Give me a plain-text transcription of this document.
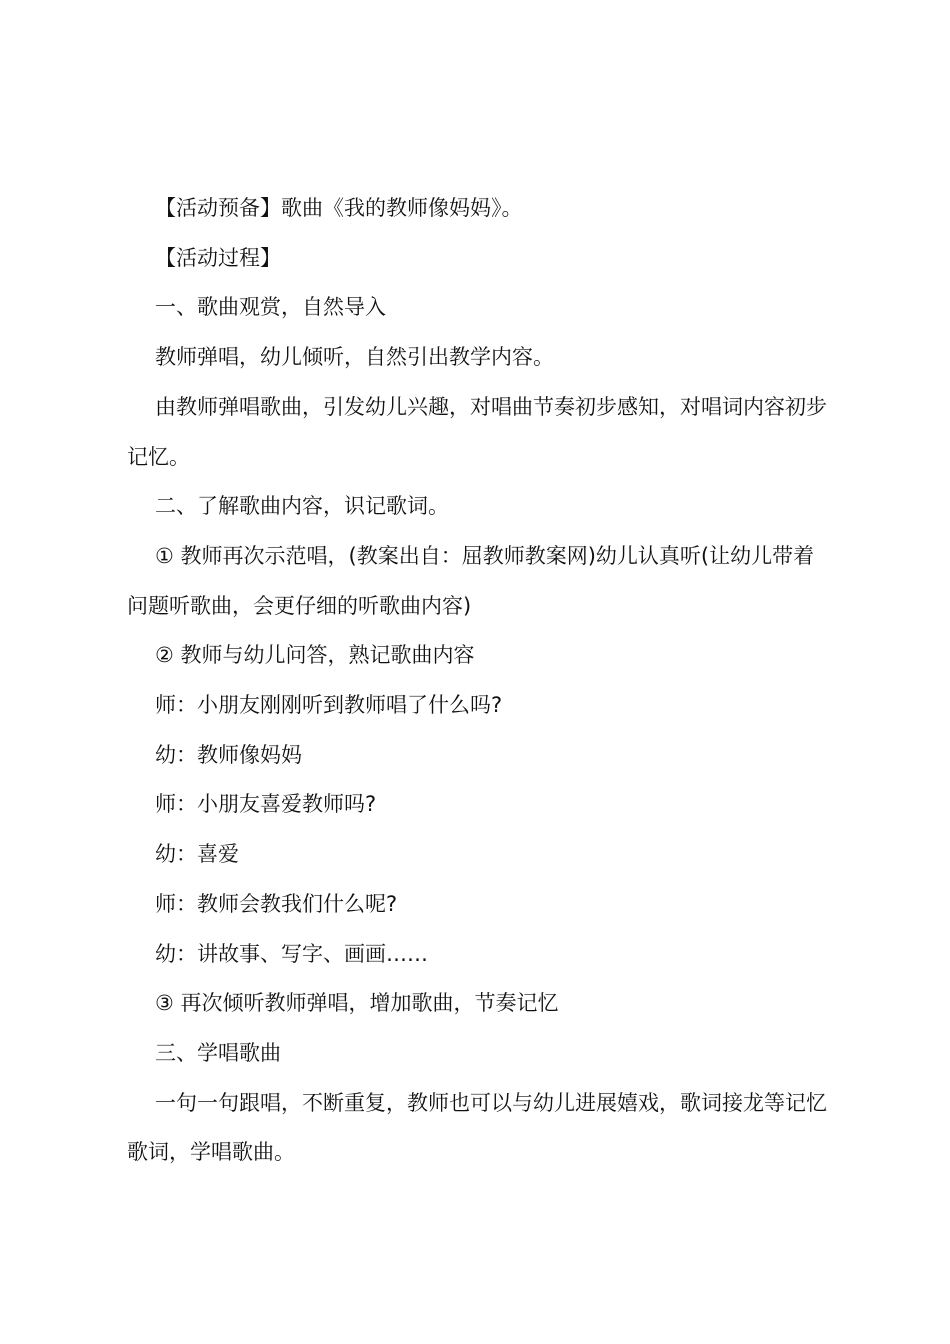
【活动预备】歌曲《我的教师像妈妈》。

【活动过程】

一、歌曲观赏，自然导入

教师弹唱，幼儿倾听，自然引出教学内容。

由教师弹唱歌曲，引发幼儿兴趣，对唱曲节奏初步感知，对唱词内容初步记忆。

二、了解歌曲内容，识记歌词。

① 教师再次示范唱，(教案出自：屈教师教案网)幼儿认真听(让幼儿带着问题听歌曲，会更仔细的听歌曲内容)

② 教师与幼儿问答，熟记歌曲内容

师：小朋友刚刚听到教师唱了什么吗?

幼：教师像妈妈

师：小朋友喜爱教师吗?

幼：喜爱

师：教师会教我们什么呢?

幼：讲故事、写字、画画……

③ 再次倾听教师弹唱，增加歌曲，节奏记忆

三、学唱歌曲

一句一句跟唱，不断重复，教师也可以与幼儿进展嬉戏，歌词接龙等记忆歌词，学唱歌曲。
